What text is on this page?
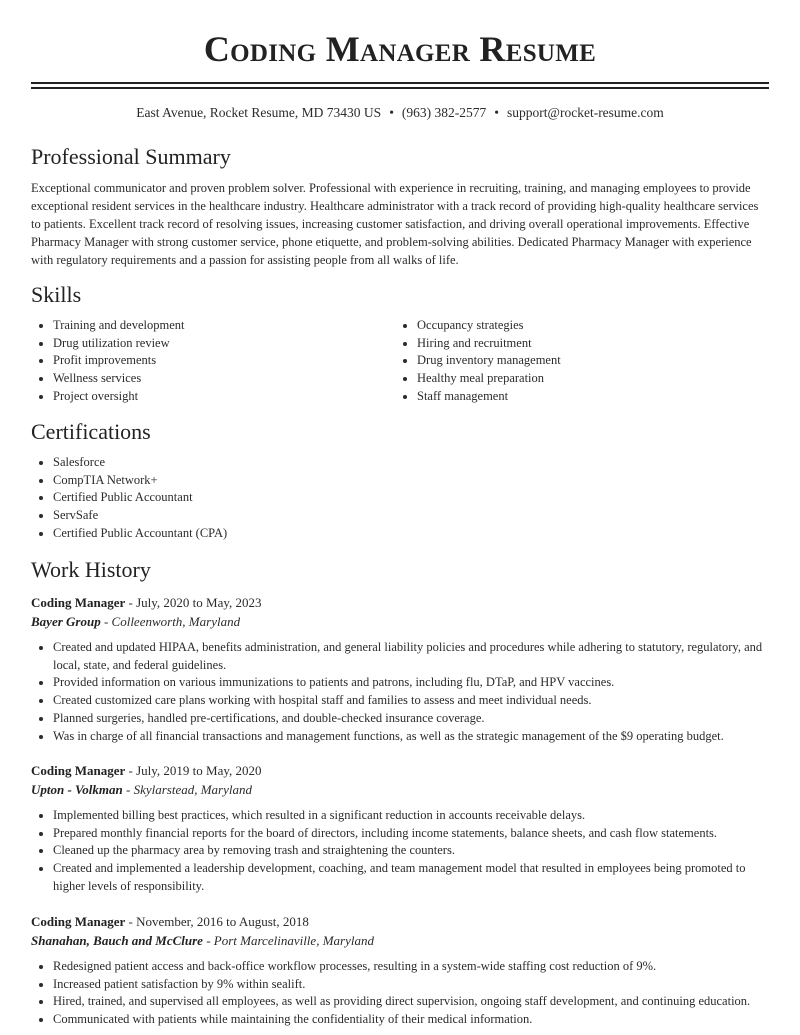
Coding Manager Resume
East Avenue, Rocket Resume, MD 73430 US • (963) 382-2577 • support@rocket-resume.com
Professional Summary

Exceptional communicator and proven problem solver. Professional with experience in recruiting, training, and managing employees to provide exceptional resident services in the healthcare industry. Healthcare administrator with a track record of providing high-quality healthcare services to patients. Excellent track record of resolving issues, increasing customer satisfaction, and driving overall operational improvements. Effective Pharmacy Manager with strong customer service, phone etiquette, and problem-solving abilities. Dedicated Pharmacy Manager with experience with regulatory requirements and a passion for assisting people from all walks of life.

Skills
• Training and development
• Drug utilization review
• Profit improvements
• Wellness services
• Project oversight
• Occupancy strategies
• Hiring and recruitment
• Drug inventory management
• Healthy meal preparation
• Staff management
Certifications
• Salesforce
• CompTIA Network+
• Certified Public Accountant
• ServSafe
• Certified Public Accountant (CPA)
Work History

Coding Manager - July, 2020 to May, 2023

Bayer Group - Colleenworth, Maryland

• Created and updated HIPAA, benefits administration, and general liability policies and procedures while adhering to statutory, regulatory, and local, state, and federal guidelines.
• Provided information on various immunizations to patients and patrons, including flu, DTaP, and HPV vaccines.
• Created customized care plans working with hospital staff and families to assess and meet individual needs.
• Planned surgeries, handled pre-certifications, and double-checked insurance coverage.
• Was in charge of all financial transactions and management functions, as well as the strategic management of the $9 operating budget.

Coding Manager - July, 2019 to May, 2020

Upton - Volkman - Skylarstead, Maryland

• Implemented billing best practices, which resulted in a significant reduction in accounts receivable delays.
• Prepared monthly financial reports for the board of directors, including income statements, balance sheets, and cash flow statements.
• Cleaned up the pharmacy area by removing trash and straightening the counters.
• Created and implemented a leadership development, coaching, and team management model that resulted in employees being promoted to higher levels of responsibility.

Coding Manager - November, 2016 to August, 2018

Shanahan, Bauch and McClure - Port Marcelinaville, Maryland

• Redesigned patient access and back-office workflow processes, resulting in a system-wide staffing cost reduction of 9%.
• Increased patient satisfaction by 9% within sealift.
• Hired, trained, and supervised all employees, as well as providing direct supervision, ongoing staff development, and continuing education.
• Communicated with patients while maintaining the confidentiality of their medical information.
